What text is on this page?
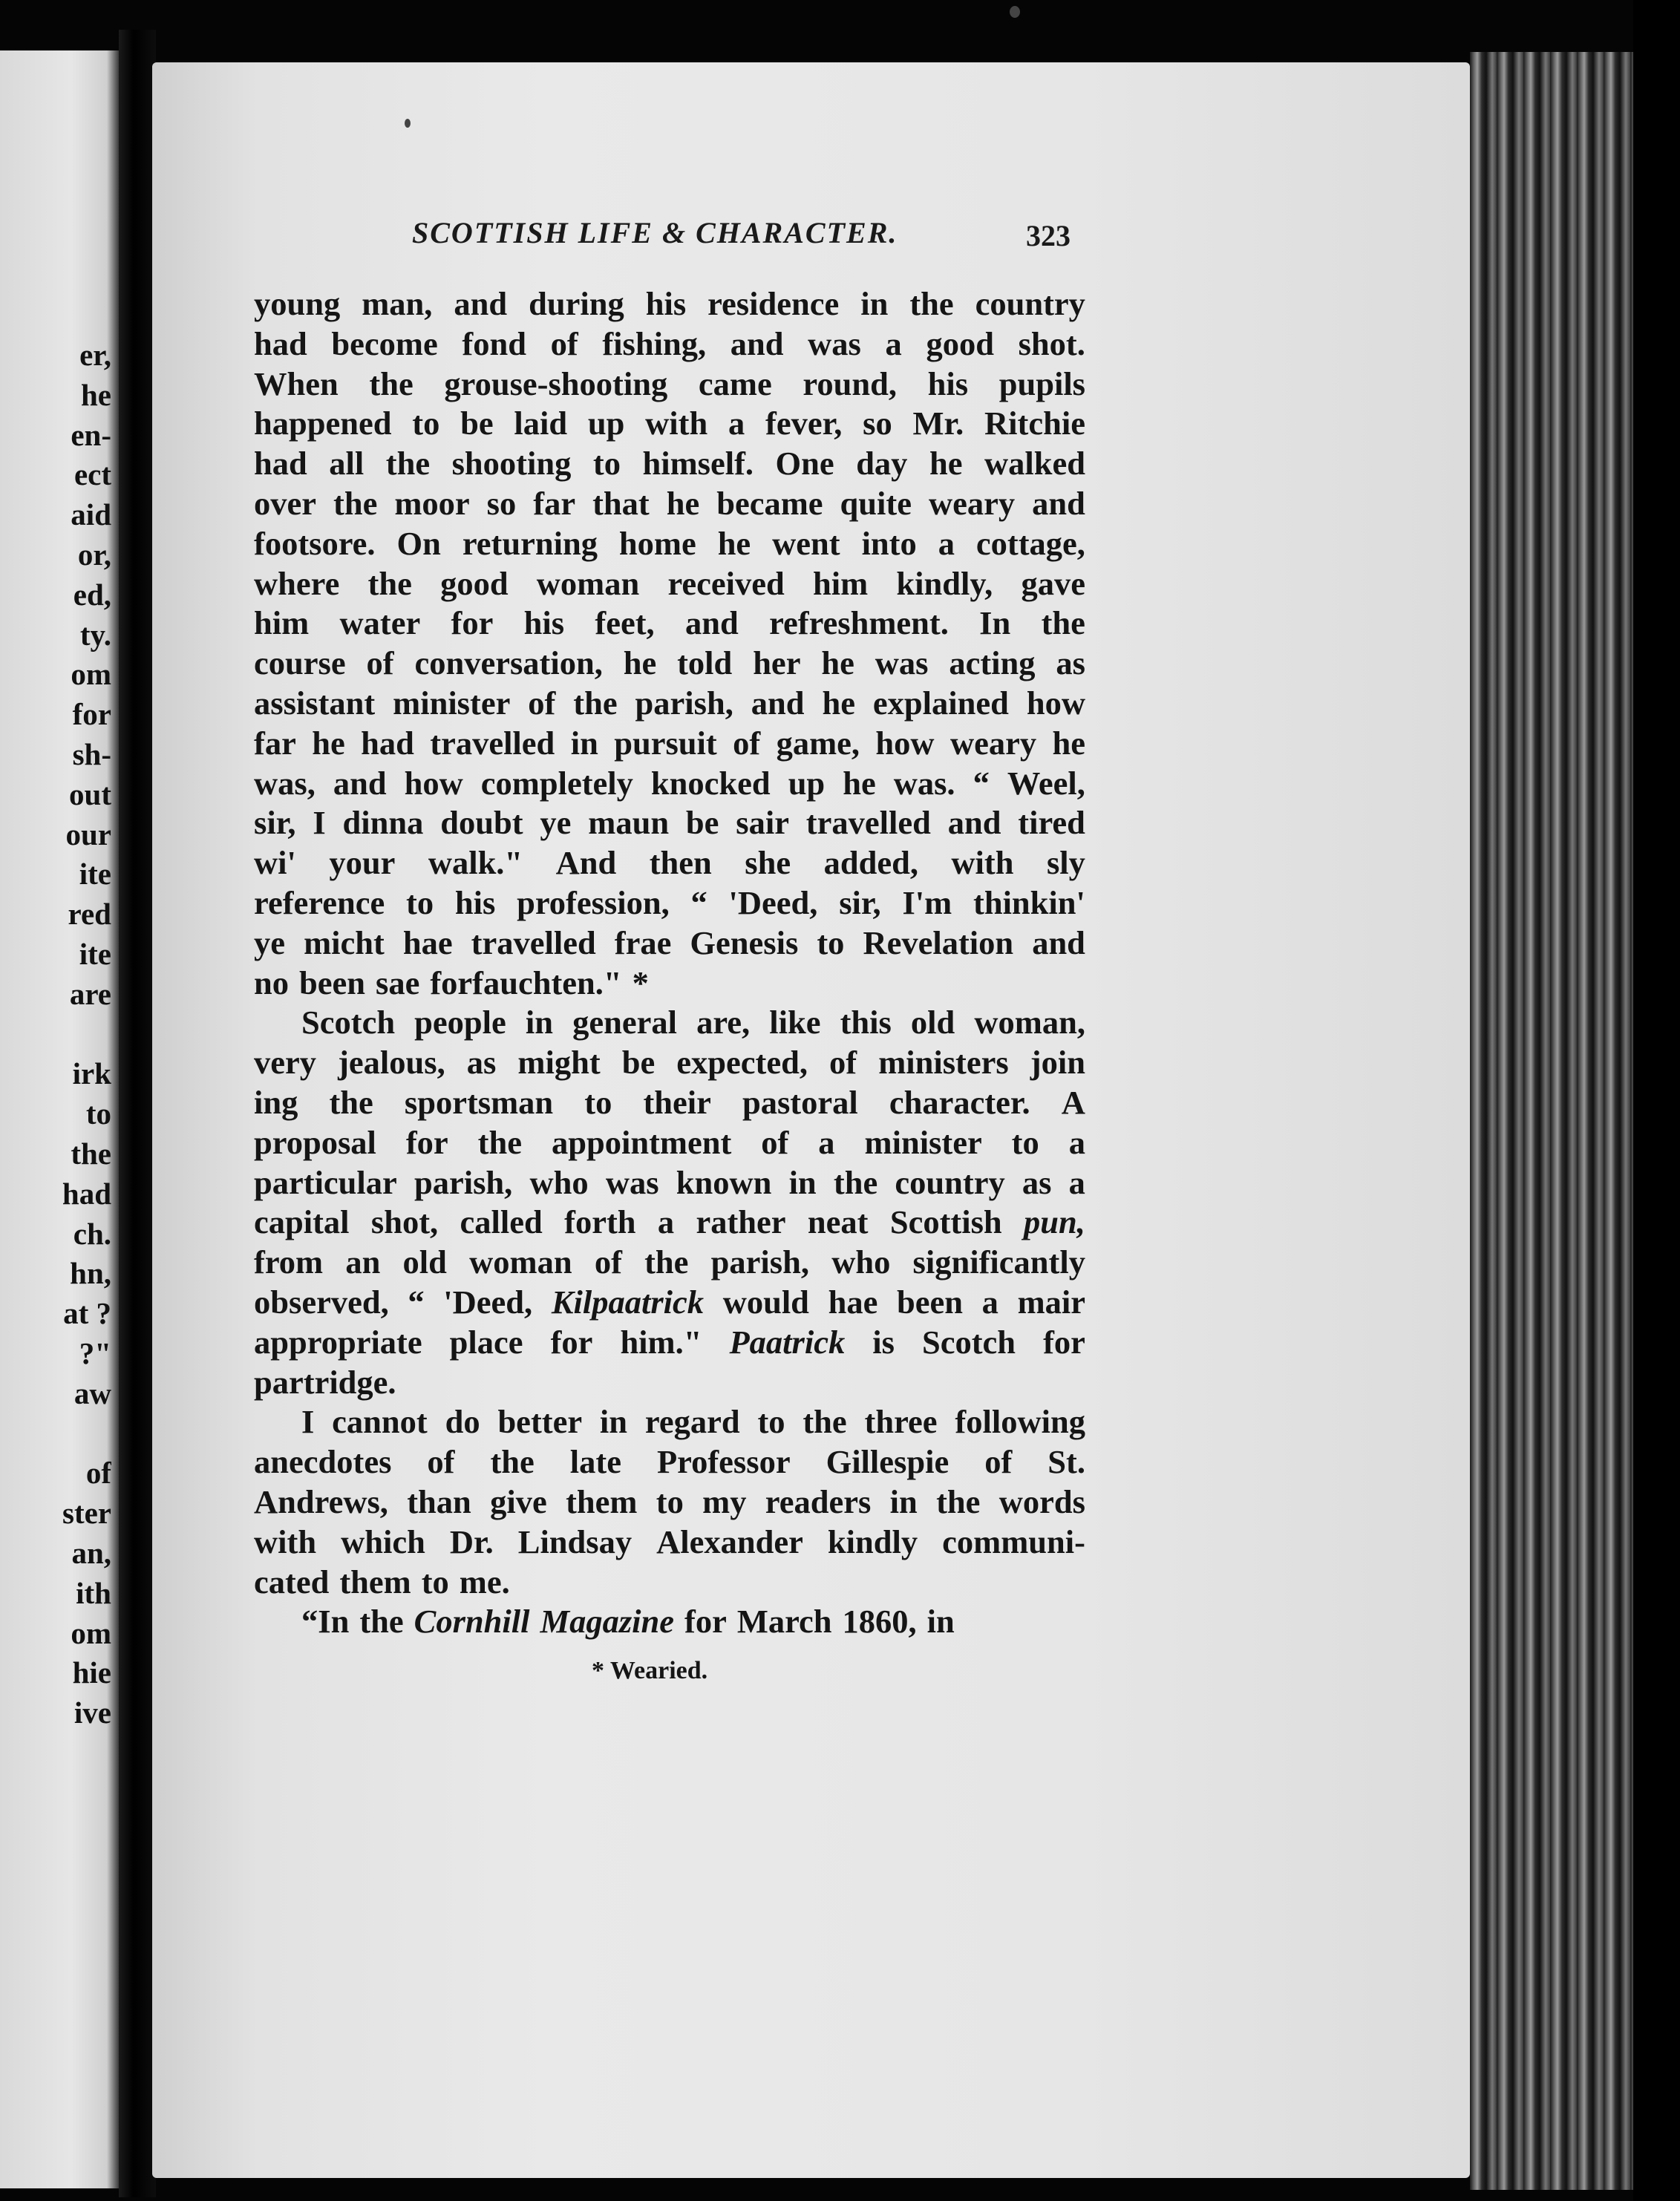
er,
he
en-
ect
aid
or,
ed,
ty.
om
for
sh-
out
our
ite
red
ite
are
irk
to
the
had
ch.
hn,
at ?
?"
aw
of
ster
an,
ith
om
hie
ive
SCOTTISH LIFE & CHARACTER.	323
young man, and during his residence in the country
had become fond of fishing, and was a good shot.
When the grouse-shooting came round, his pupils
happened to be laid up with a fever, so Mr. Ritchie
had all the shooting to himself. One day he walked
over the moor so far that he became quite weary and
footsore. On returning home he went into a cottage,
where the good woman received him kindly, gave
him water for his feet, and refreshment. In the
course of conversation, he told her he was acting as
assistant minister of the parish, and he explained how
far he had travelled in pursuit of game, how weary he
was, and how completely knocked up he was. “ Weel,
sir, I dinna doubt ye maun be sair travelled and tired
wi' your walk." And then she added, with sly
reference to his profession, “ 'Deed, sir, I'm thinkin'
ye micht hae travelled frae Genesis to Revelation and
no been sae forfauchten." *
Scotch people in general are, like this old woman,
very jealous, as might be expected, of ministers join
ing the sportsman to their pastoral character. A
proposal for the appointment of a minister to a
particular parish, who was known in the country as a
capital shot, called forth a rather neat Scottish pun,
from an old woman of the parish, who significantly
observed, “ 'Deed, Kilpaatrick would hae been a mair
appropriate place for him." Paatrick is Scotch for
partridge.
I cannot do better in regard to the three following
anecdotes of the late Professor Gillespie of St.
Andrews, than give them to my readers in the words
with which Dr. Lindsay Alexander kindly communi-
cated them to me.
“In the Cornhill Magazine for March 1860, in
* Wearied.
